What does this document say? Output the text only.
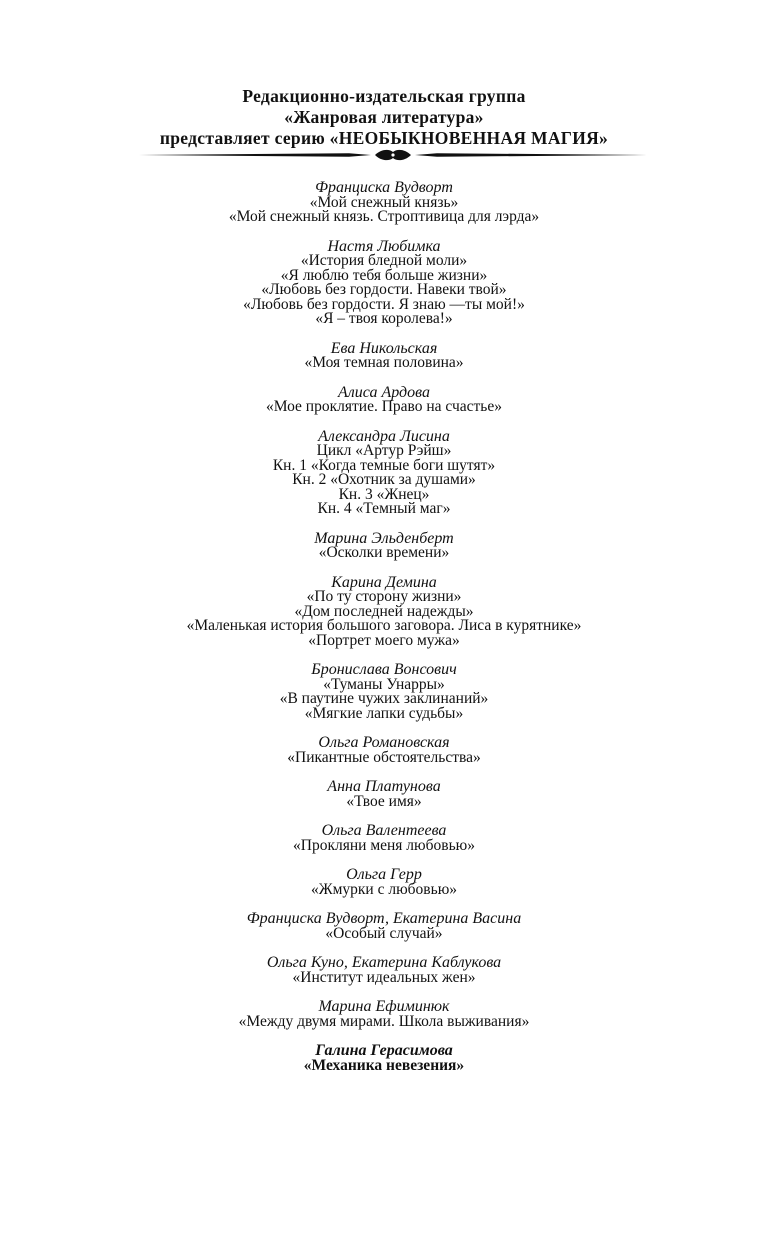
Редакционно-издательская группа
«Жанровая литература»
представляет серию «НЕОБЫКНОВЕННАЯ МАГИЯ»
Франциска Вудворт
«Мой снежный князь»
«Мой снежный князь. Строптивица для лэрда»
Настя Любимка
«История бледной моли»
«Я люблю тебя больше жизни»
«Любовь без гордости. Навеки твой»
«Любовь без гордости. Я знаю —ты мой!»
«Я – твоя королева!»
Ева Никольская
«Моя темная половина»
Алиса Ардова
«Мое проклятие. Право на счастье»
Александра Лисина
Цикл «Артур Рэйш»
Кн. 1 «Когда темные боги шутят»
Кн. 2 «Охотник за душами»
Кн. 3 «Жнец»
Кн. 4 «Темный маг»
Марина Эльденберт
«Осколки времени»
Карина Демина
«По ту сторону жизни»
«Дом последней надежды»
«Маленькая история большого заговора. Лиса в курятнике»
«Портрет моего мужа»
Бронислава Вонсович
«Туманы Унарры»
«В паутине чужих заклинаний»
«Мягкие лапки судьбы»
Ольга Романовская
«Пикантные обстоятельства»
Анна Платунова
«Твое имя»
Ольга Валентеева
«Прокляни меня любовью»
Ольга Герр
«Жмурки с любовью»
Франциска Вудворт, Екатерина Васина
«Особый случай»
Ольга Куно, Екатерина Каблукова
«Институт идеальных жен»
Марина Ефиминюк
«Между двумя мирами. Школа выживания»
Галина Герасимова
«Механика невезения»
